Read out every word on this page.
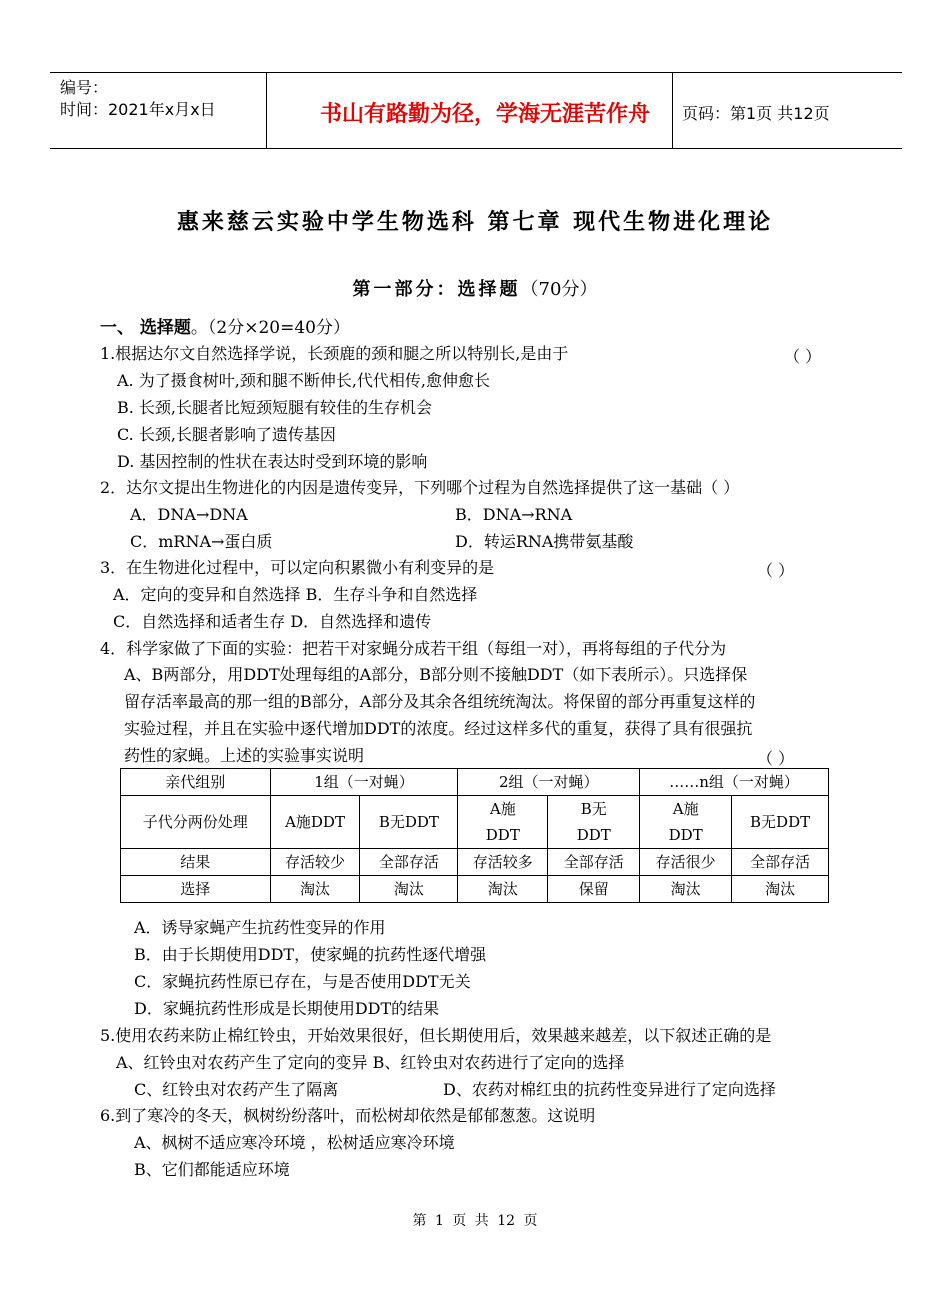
编号：
时间：2021年x月x日	书山有路勤为径，学海无涯苦作舟	页码：第1页 共12页
惠来慈云实验中学生物选科 第七章 现代生物进化理论
第一部分：选择题（70分）
一、 选择题。（2分×20=40分）
1.根据达尔文自然选择学说，长颈鹿的颈和腿之所以特别长,是由于	（ ）
A. 为了摄食树叶,颈和腿不断伸长,代代相传,愈伸愈长
B. 长颈,长腿者比短颈短腿有较佳的生存机会
C. 长颈,长腿者影响了遗传基因
D. 基因控制的性状在表达时受到环境的影响
2．达尔文提出生物进化的内因是遗传变异，下列哪个过程为自然选择提供了这一基础（ ）
A．DNA→DNA	B．DNA→RNA
C．mRNA→蛋白质	D．转运RNA携带氨基酸
3．在生物进化过程中，可以定向积累微小有利变异的是	（ ）
A．定向的变异和自然选择 B．生存斗争和自然选择
C．自然选择和适者生存 D．自然选择和遗传
4．科学家做了下面的实验：把若干对家蝇分成若干组（每组一对），再将每组的子代分为
A、B两部分，用DDT处理每组的A部分，B部分则不接触DDT（如下表所示）。只选择保
留存活率最高的那一组的B部分，A部分及其余各组统统淘汰。将保留的部分再重复这样的
实验过程，并且在实验中逐代增加DDT的浓度。经过这样多代的重复，获得了具有很强抗
药性的家蝇。上述的实验事实说明	（ ）
亲代组别	1组（一对蝇）		2组（一对蝇）		……n组（一对蝇）	
子代分两份处理	A施DDT	B无DDT	A施DDT	B无DDT	A施DDT	B无DDT
结果	存活较少	全部存活	存活较多	全部存活	存活很少	全部存活
选择	淘汰	淘汰	淘汰	保留	淘汰	淘汰
A．诱导家蝇产生抗药性变异的作用
B．由于长期使用DDT，使家蝇的抗药性逐代增强
C．家蝇抗药性原已存在，与是否使用DDT无关
D．家蝇抗药性形成是长期使用DDT的结果
5.使用农药来防止棉红铃虫，开始效果很好，但长期使用后，效果越来越差，以下叙述正确的是
A、红铃虫对农药产生了定向的变异 B、红铃虫对农药进行了定向的选择
C、红铃虫对农药产生了隔离	D、农药对棉红虫的抗药性变异进行了定向选择
6.到了寒冷的冬天，枫树纷纷落叶，而松树却依然是郁郁葱葱。这说明
A、枫树不适应寒冷环境 ，松树适应寒冷环境
B、它们都能适应环境
第 1 页 共 12 页
